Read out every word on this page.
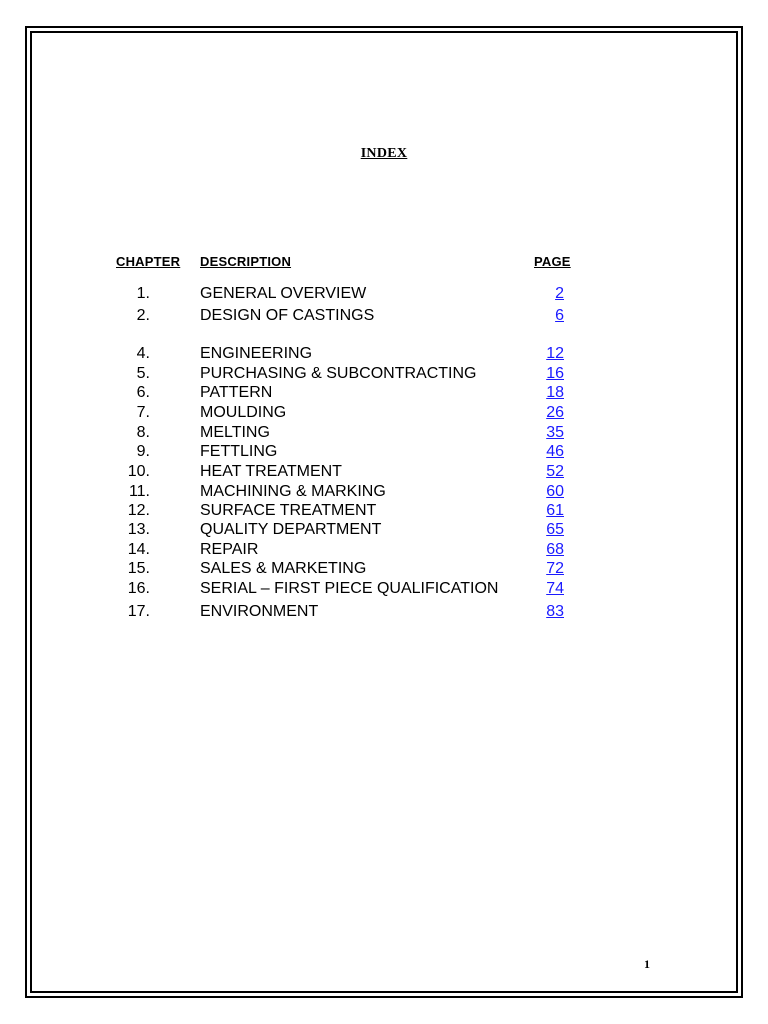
INDEX
CHAPTER DESCRIPTION	PAGE
1.	GENERAL OVERVIEW	2
2.	DESIGN OF CASTINGS	6
4.	ENGINEERING	12
5.	PURCHASING & SUBCONTRACTING	16
6.	PATTERN	18
7.	MOULDING	26
8.	MELTING	35
9.	FETTLING	46
10.	HEAT TREATMENT	52
11.	MACHINING & MARKING	60
12.	SURFACE TREATMENT	61
13.	QUALITY DEPARTMENT	65
14.	REPAIR	68
15.	SALES & MARKETING	72
16.	SERIAL – FIRST PIECE QUALIFICATION	74
17.	ENVIRONMENT	83
1
